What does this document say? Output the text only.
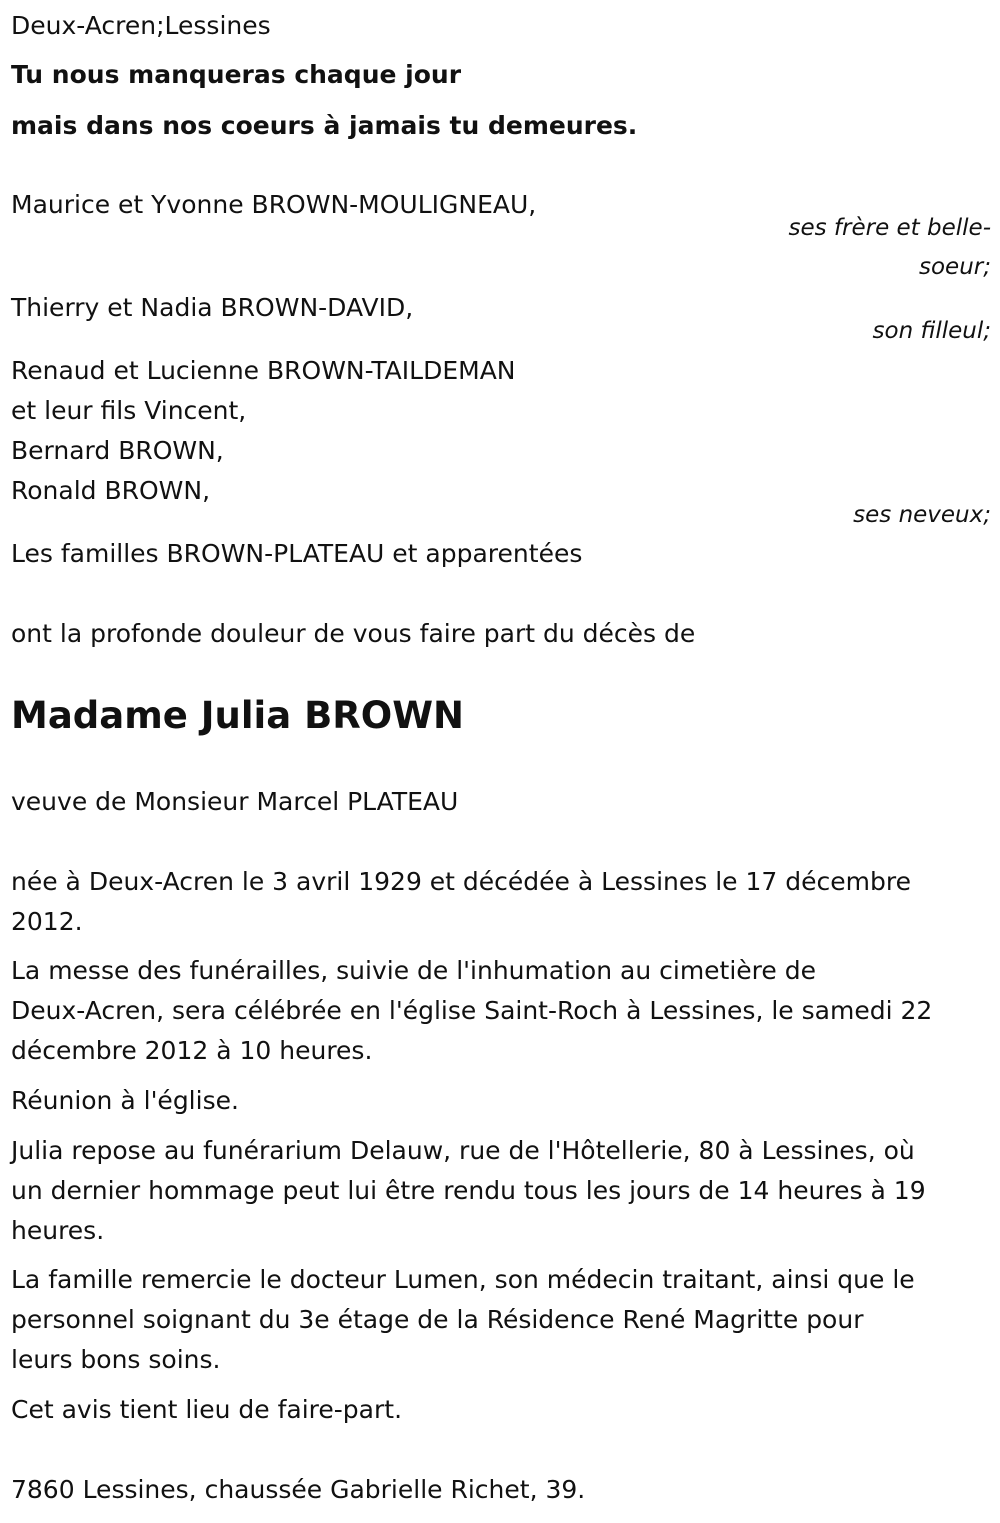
Deux-Acren;Lessines
Tu nous manqueras chaque jour
mais dans nos coeurs à jamais tu demeures.
Maurice et Yvonne BROWN-MOULIGNEAU,
ses frère et belle-
soeur;
Thierry et Nadia BROWN-DAVID,
son filleul;
Renaud et Lucienne BROWN-TAILDEMAN
et leur fils Vincent,
Bernard BROWN,
Ronald BROWN,
ses neveux;
Les familles BROWN-PLATEAU et apparentées
ont la profonde douleur de vous faire part du décès de
Madame Julia BROWN
veuve de Monsieur Marcel PLATEAU
née à Deux-Acren le 3 avril 1929 et décédée à Lessines le 17 décembre
2012.
La messe des funérailles, suivie de l'inhumation au cimetière de
Deux-Acren, sera célébrée en l'église Saint-Roch à Lessines, le samedi 22
décembre 2012 à 10 heures.
Réunion à l'église.
Julia repose au funérarium Delauw, rue de l'Hôtellerie, 80 à Lessines, où
un dernier hommage peut lui être rendu tous les jours de 14 heures à 19
heures.
La famille remercie le docteur Lumen, son médecin traitant, ainsi que le
personnel soignant du 3e étage de la Résidence René Magritte pour
leurs bons soins.
Cet avis tient lieu de faire-part.
7860 Lessines, chaussée Gabrielle Richet, 39.
